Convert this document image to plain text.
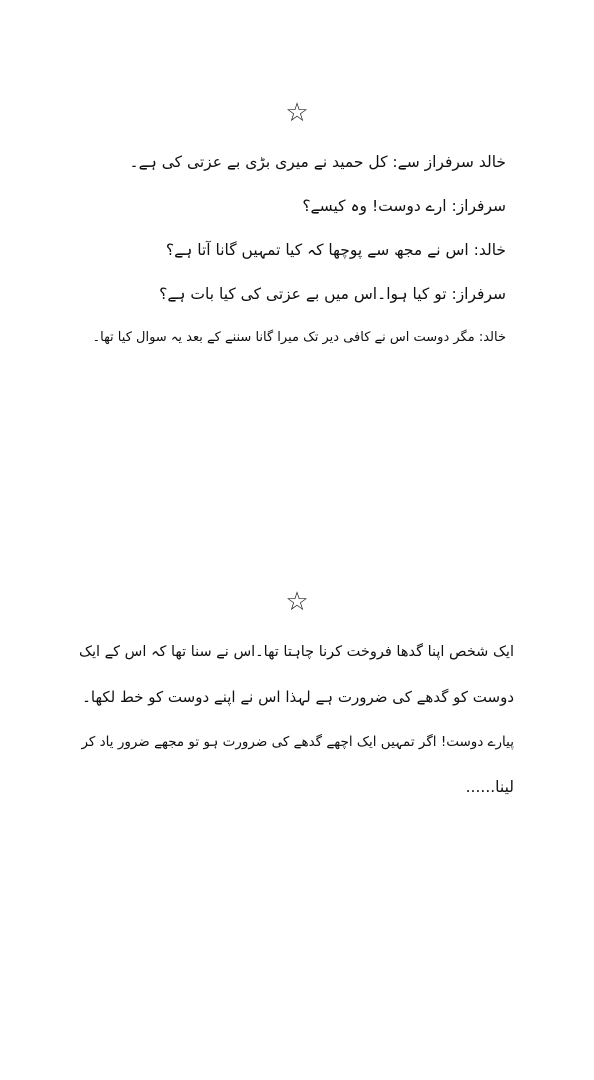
☆
خالد سرفراز سے: کل حمید نے میری بڑی بے عزتی کی ہے۔
سرفراز: ارے دوست! وہ کیسے؟
خالد: اس نے مجھ سے پوچھا کہ کیا تمہیں گانا آتا ہے؟
سرفراز: تو کیا ہوا۔اس میں بے عزتی کی کیا بات ہے؟
خالد: مگر دوست اس نے کافی دیر تک میرا گانا سننے کے بعد یہ سوال کیا تھا۔
☆
ایک شخص اپنا گدھا فروخت کرنا چاہتا تھا۔اس نے سنا تھا کہ اس کے ایک
دوست کو گدھے کی ضرورت ہے لہذا اس نے اپنے دوست کو خط لکھا۔
پیارے دوست! اگر تمہیں ایک اچھے گدھے کی ضرورت ہو تو مجھے ضرور یاد کر
لینا......
